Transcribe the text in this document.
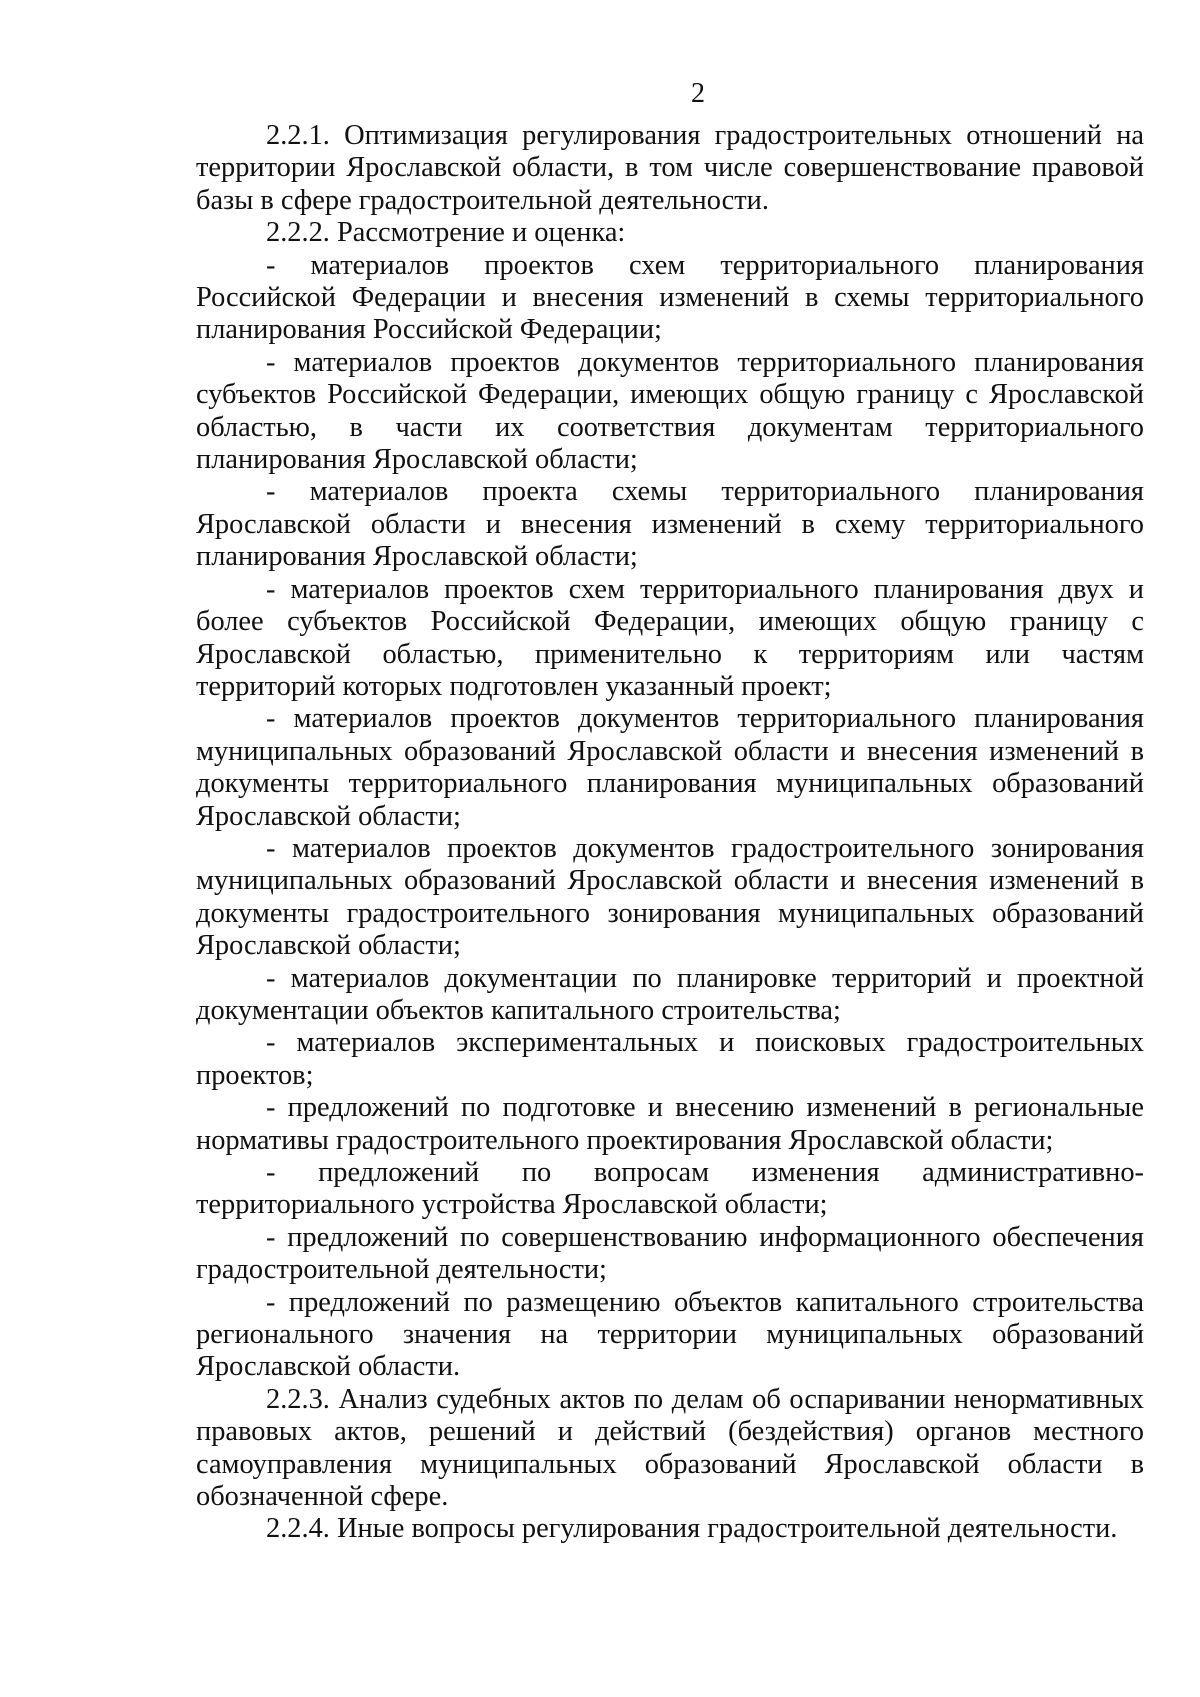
2

2.2.1. Оптимизация регулирования градостроительных отношений на территории Ярославской области, в том числе совершенствование правовой базы в сфере градостроительной деятельности.

2.2.2. Рассмотрение и оценка:

- материалов проектов схем территориального планирования Российской Федерации и внесения изменений в схемы территориального планирования Российской Федерации;

- материалов проектов документов территориального планирования субъектов Российской Федерации, имеющих общую границу с Ярославской областью, в части их соответствия документам территориального планирования Ярославской области;

- материалов проекта схемы территориального планирования Ярославской области и внесения изменений в схему территориального планирования Ярославской области;

- материалов проектов схем территориального планирования двух и более субъектов Российской Федерации, имеющих общую границу с Ярославской областью, применительно к территориям или частям территорий которых подготовлен указанный проект;

- материалов проектов документов территориального планирования муниципальных образований Ярославской области и внесения изменений в документы территориального планирования муниципальных образований Ярославской области;

- материалов проектов документов градостроительного зонирования муниципальных образований Ярославской области и внесения изменений в документы градостроительного зонирования муниципальных образований Ярославской области;

- материалов документации по планировке территорий и проектной документации объектов капитального строительства;

- материалов экспериментальных и поисковых градостроительных проектов;

- предложений по подготовке и внесению изменений в региональные нормативы градостроительного проектирования Ярославской области;

- предложений по вопросам изменения административно-территориального устройства Ярославской области;

- предложений по совершенствованию информационного обеспечения градостроительной деятельности;

- предложений по размещению объектов капитального строительства регионального значения на территории муниципальных образований Ярославской области.

2.2.3. Анализ судебных актов по делам об оспаривании ненормативных правовых актов, решений и действий (бездействия) органов местного самоуправления муниципальных образований Ярославской области в обозначенной сфере.

2.2.4. Иные вопросы регулирования градостроительной деятельности.
